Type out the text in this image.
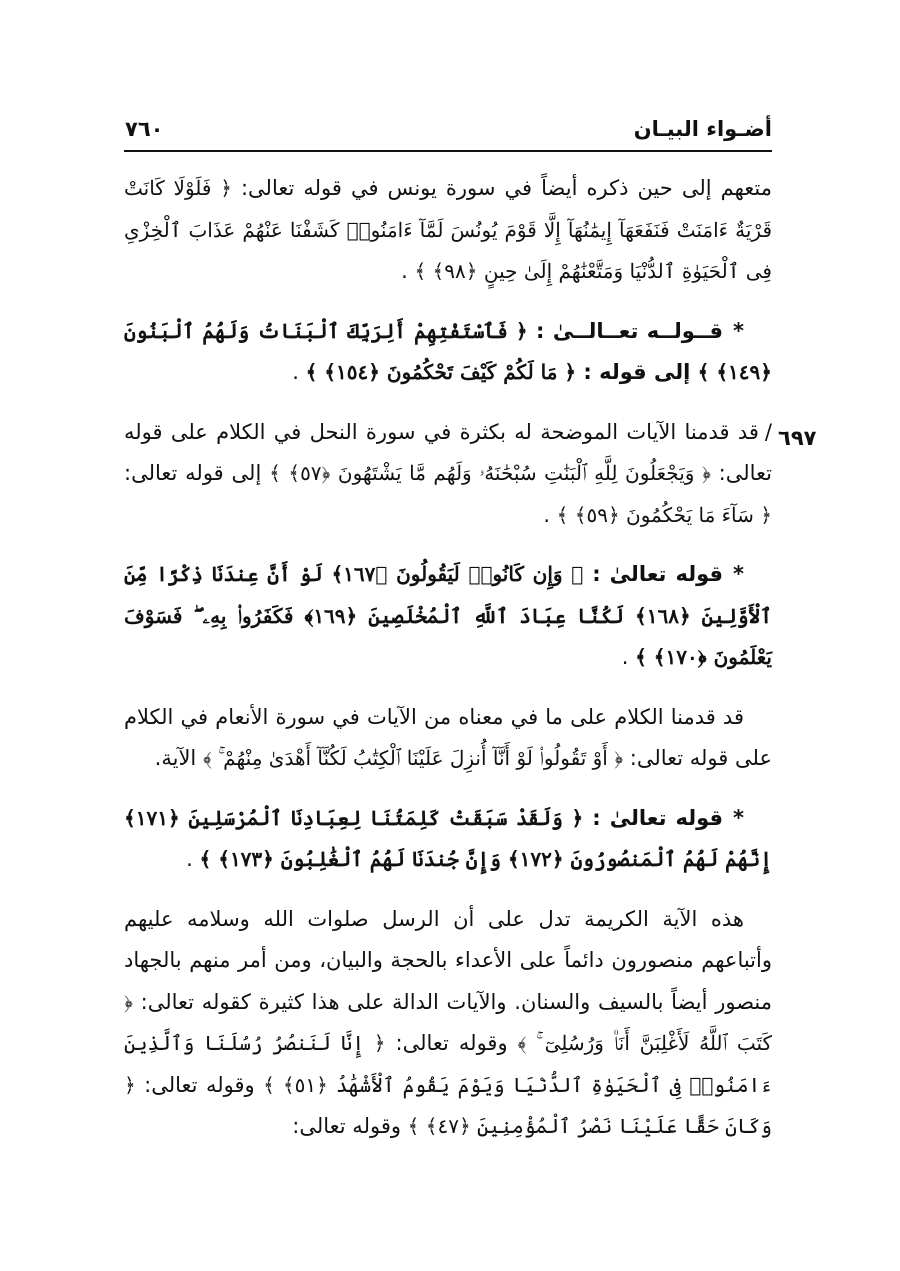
٧٦٠	أضـواء البيـان
٦٩٧

متعهم إلى حين ذكره أيضاً في سورة يونس في قوله تعالى: ﴿ فَلَوْلَا كَانَتْ قَرْيَةٌ ءَامَنَتْ فَنَفَعَهَآ إِيمَٰنُهَآ إِلَّا قَوْمَ يُونُسَ لَمَّآ ءَامَنُوا۟ كَشَفْنَا عَنْهُمْ عَذَابَ ٱلْخِزْىِ فِى ٱلْحَيَوٰةِ ٱلدُّنْيَا وَمَتَّعْنَٰهُمْ إِلَىٰ حِينٍ ﴿٩٨﴾ ﴾ .

*قــولــه تعــالــىٰ : ﴿ فَٱسْتَفْتِهِمْ أَلِرَبِّكَ ٱلْبَنَاتُ وَلَهُمُ ٱلْبَنُونَ ﴿١٤٩﴾ ﴾ إلى قوله : ﴿ مَا لَكُمْ كَيْفَ تَحْكُمُونَ ﴿١٥٤﴾ ﴾ .

/قد قدمنا الآيات الموضحة له بكثرة في سورة النحل في الكلام على قوله تعالى: ﴿ وَيَجْعَلُونَ لِلَّهِ ٱلْبَنَٰتِ سُبْحَٰنَهُۥ وَلَهُم مَّا يَشْتَهُونَ ﴿٥٧﴾ ﴾ إلى قوله تعالى: ﴿ سَآءَ مَا يَحْكُمُونَ ﴿٥٩﴾ ﴾ .

*قوله تعالىٰ : ﴿ وَإِن كَانُوا۟ لَيَقُولُونَ ﴿١٦٧﴾ لَوْ أَنَّ عِندَنَا ذِكْرًا مِّنَ ٱلْأَوَّلِينَ ﴿١٦٨﴾ لَكُنَّا عِبَادَ ٱللَّهِ ٱلْمُخْلَصِينَ ﴿١٦٩﴾ فَكَفَرُوا۟ بِهِۦ ۖ فَسَوْفَ يَعْلَمُونَ ﴿١٧٠﴾ ﴾ .

قد قدمنا الكلام على ما في معناه من الآيات في سورة الأنعام في الكلام على قوله تعالى: ﴿ أَوْ تَقُولُوا۟ لَوْ أَنَّآ أُنزِلَ عَلَيْنَا ٱلْكِتَٰبُ لَكُنَّآ أَهْدَىٰ مِنْهُمْ ۚ ﴾ الآية.

*قوله تعالىٰ : ﴿ وَلَقَدْ سَبَقَتْ كَلِمَتُنَا لِعِبَادِنَا ٱلْمُرْسَلِينَ ﴿١٧١﴾ إِنَّهُمْ لَهُمُ ٱلْمَنصُورُونَ ﴿١٧٢﴾ وَإِنَّ جُندَنَا لَهُمُ ٱلْغَٰلِبُونَ ﴿١٧٣﴾ ﴾ .

هذه الآية الكريمة تدل على أن الرسل صلوات الله وسلامه عليهم وأتباعهم منصورون دائماً على الأعداء بالحجة والبيان، ومن أمر منهم بالجهاد منصور أيضاً بالسيف والسنان. والآيات الدالة على هذا كثيرة كقوله تعالى: ﴿ كَتَبَ ٱللَّهُ لَأَغْلِبَنَّ أَنَا۠ وَرُسُلِىٓ ۚ ﴾ وقوله تعالى: ﴿ إِنَّا لَنَنصُرُ رُسُلَنَا وَٱلَّذِينَ ءَامَنُوا۟ فِى ٱلْحَيَوٰةِ ٱلدُّنْيَا وَيَوْمَ يَقُومُ ٱلْأَشْهَٰدُ ﴿٥١﴾ ﴾ وقوله تعالى: ﴿ وَكَانَ حَقًّا عَلَيْنَا نَصْرُ ٱلْمُؤْمِنِينَ ﴿٤٧﴾ ﴾ وقوله تعالى:
